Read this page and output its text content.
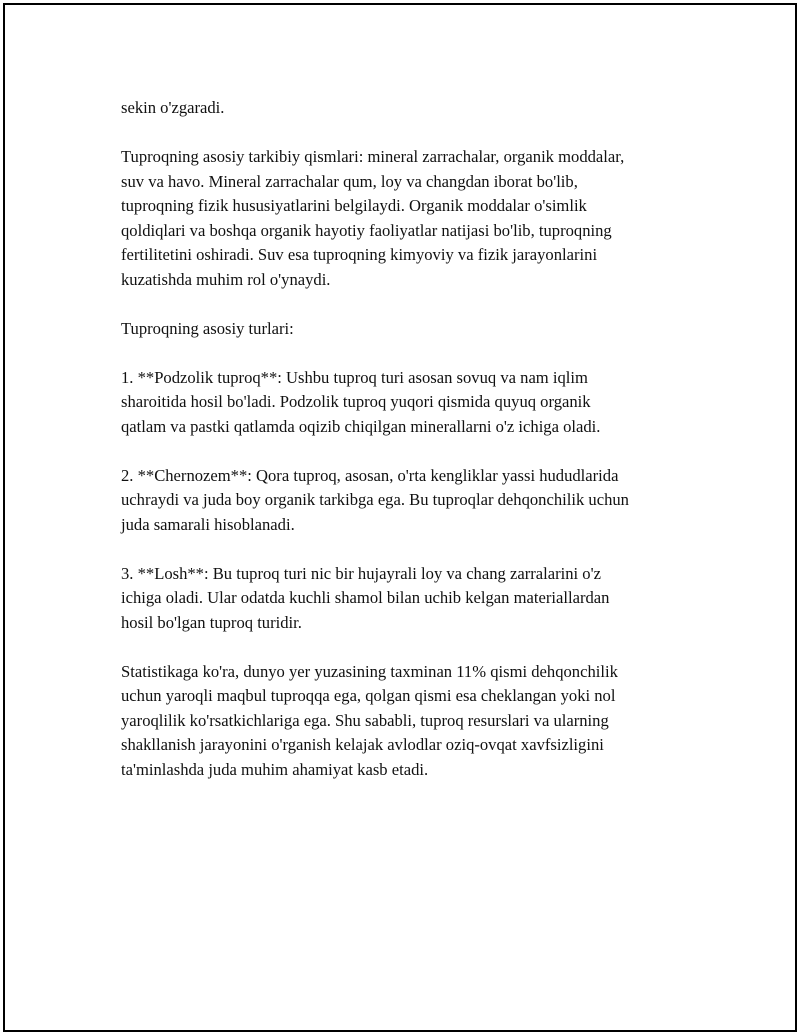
sekin o'zgaradi.

Tuproqning asosiy tarkibiy qismlari: mineral zarrachalar, organik moddalar,
suv va havo. Mineral zarrachalar qum, loy va changdan iborat bo'lib,
tuproqning fizik hususiyatlarini belgilaydi. Organik moddalar o'simlik
qoldiqlari va boshqa organik hayotiy faoliyatlar natijasi bo'lib, tuproqning
fertilitetini oshiradi. Suv esa tuproqning kimyoviy va fizik jarayonlarini
kuzatishda muhim rol o'ynaydi.

Tuproqning asosiy turlari:

1. **Podzolik tuproq**: Ushbu tuproq turi asosan sovuq va nam iqlim
sharoitida hosil bo'ladi. Podzolik tuproq yuqori qismida quyuq organik
qatlam va pastki qatlamda oqizib chiqilgan minerallarni o'z ichiga oladi.

2. **Chernozem**: Qora tuproq, asosan, o'rta kengliklar yassi hududlarida
uchraydi va juda boy organik tarkibga ega. Bu tuproqlar dehqonchilik uchun
juda samarali hisoblanadi.

3. **Losh**: Bu tuproq turi nic bir hujayrali loy va chang zarralarini o'z
ichiga oladi. Ular odatda kuchli shamol bilan uchib kelgan materiallardan
hosil bo'lgan tuproq turidir.

Statistikaga ko'ra, dunyo yer yuzasining taxminan 11% qismi dehqonchilik
uchun yaroqli maqbul tuproqqa ega, qolgan qismi esa cheklangan yoki nol
yaroqlilik ko'rsatkichlariga ega. Shu sababli, tuproq resurslari va ularning
shakllanish jarayonini o'rganish kelajak avlodlar oziq-ovqat xavfsizligini
ta'minlashda juda muhim ahamiyat kasb etadi.
